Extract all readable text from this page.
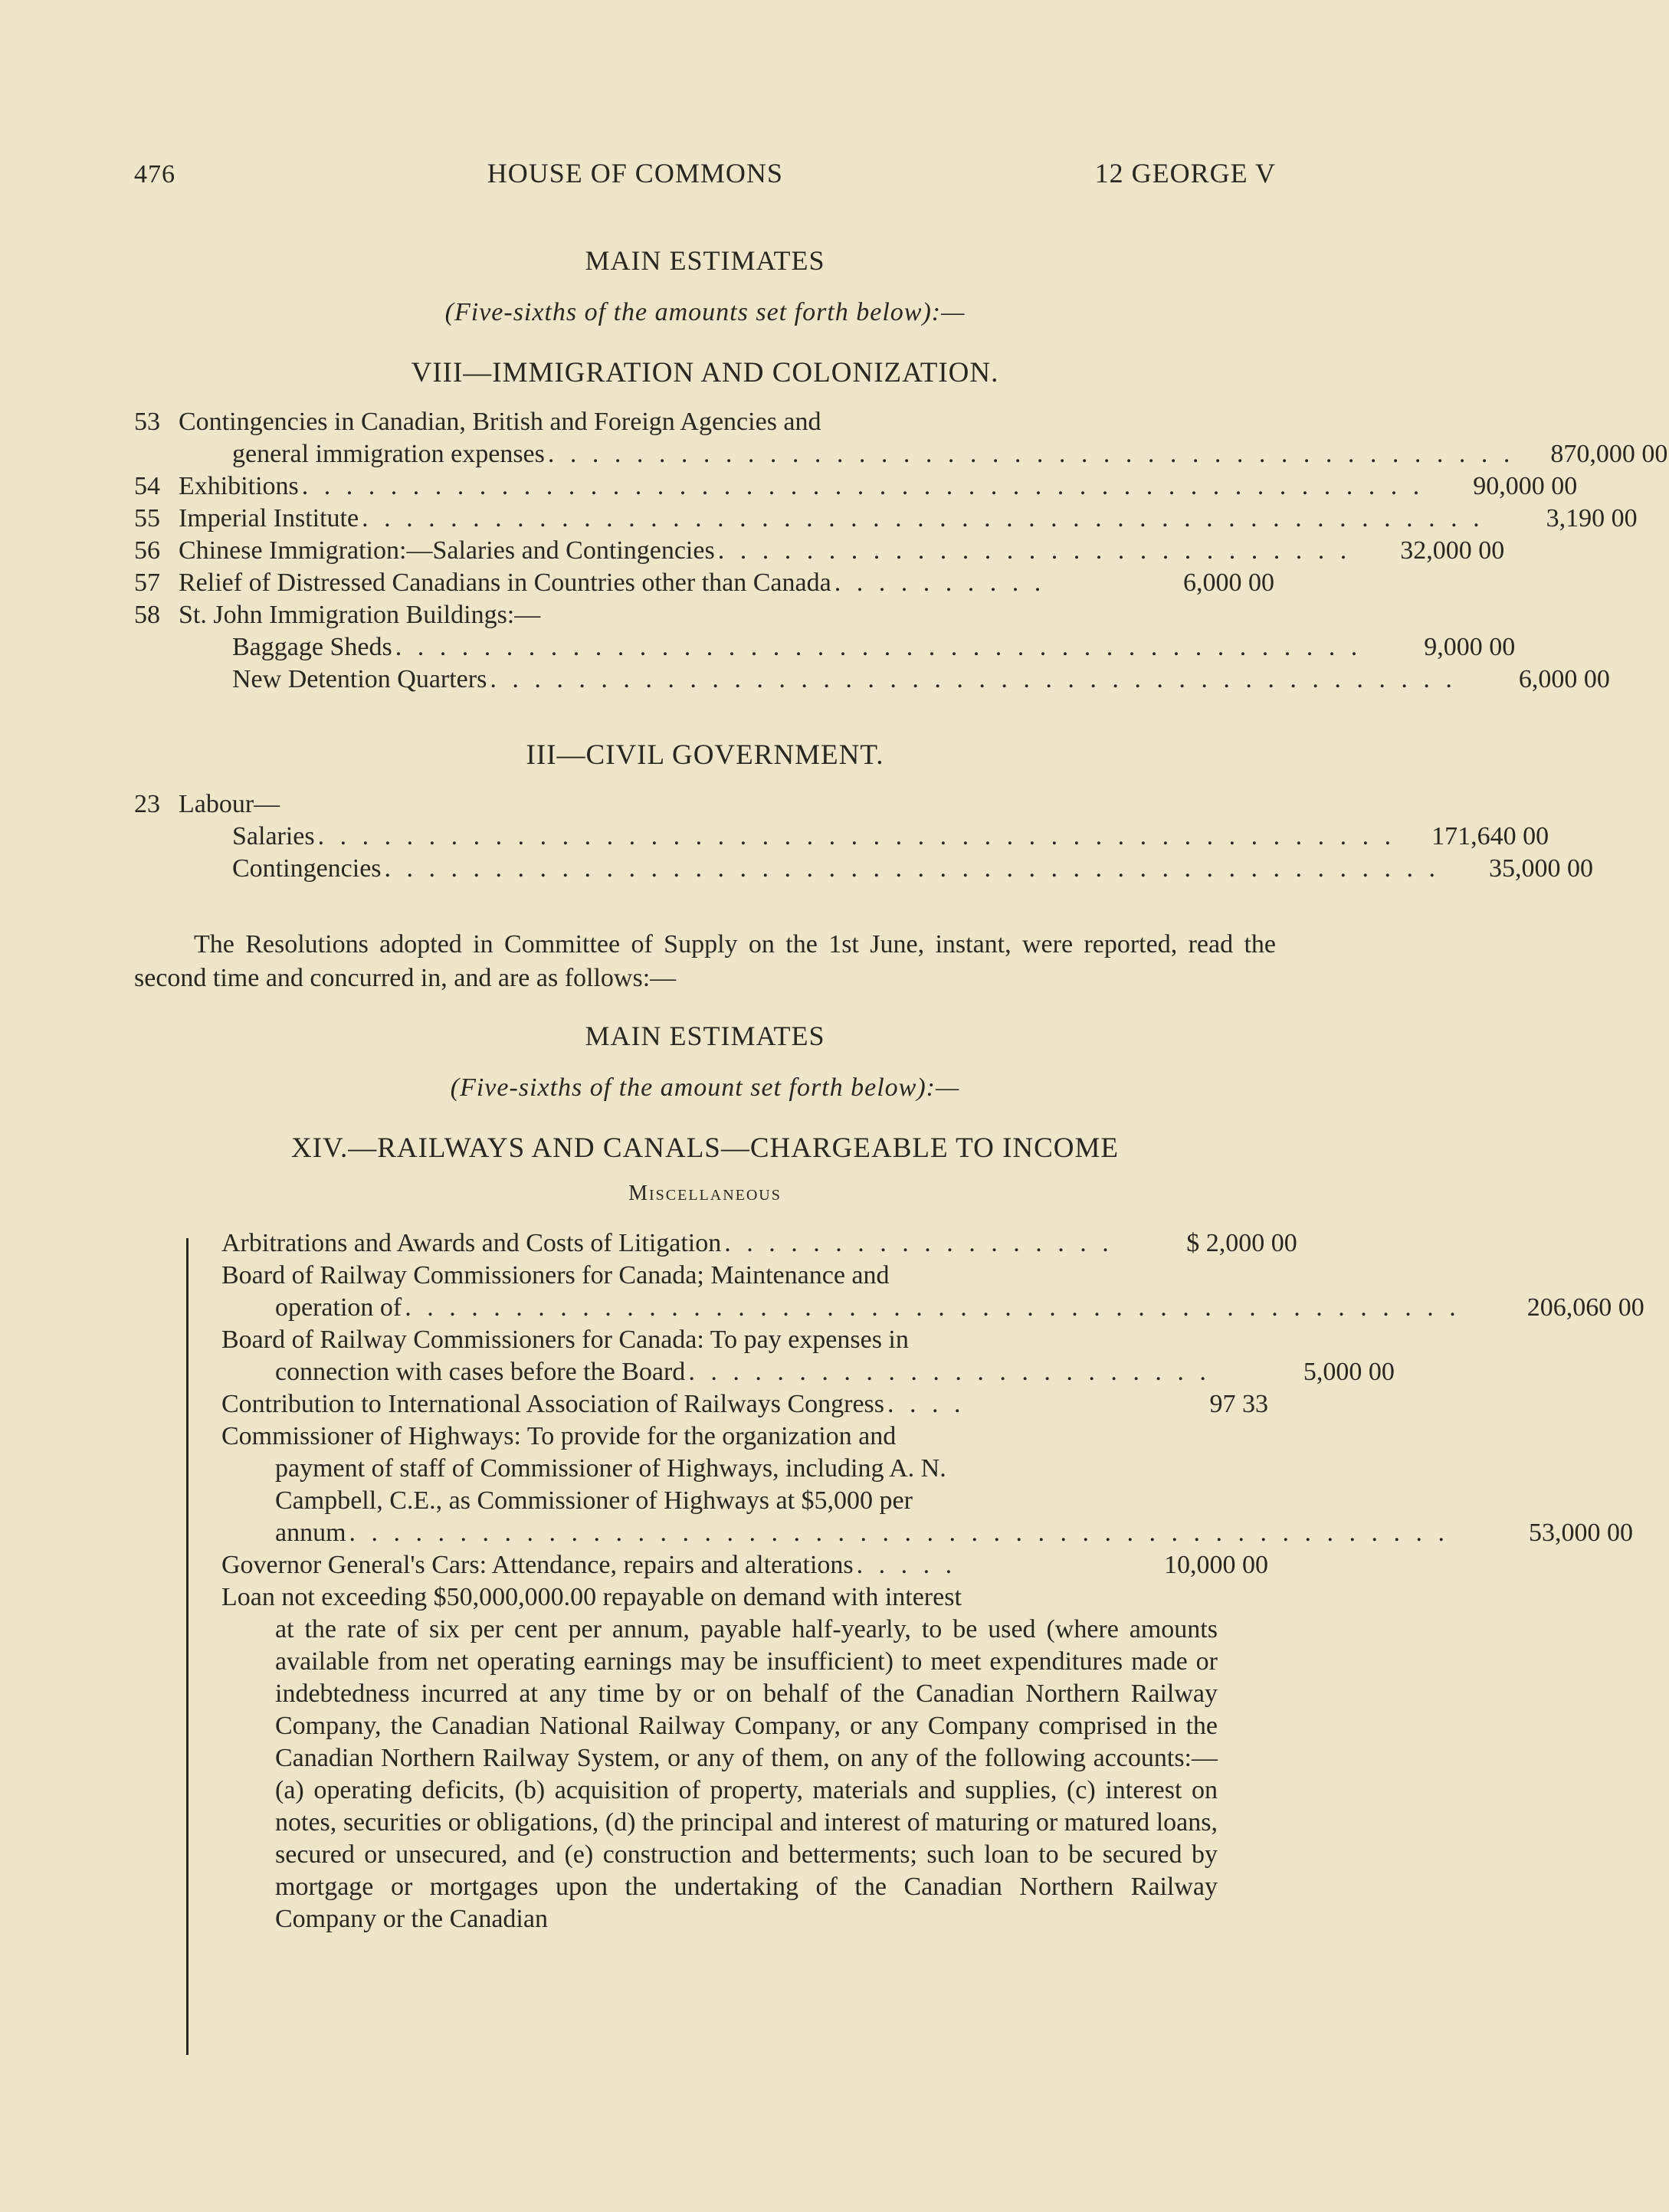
476	HOUSE OF COMMONS	12 GEORGE V
MAIN ESTIMATES
(Five-sixths of the amounts set forth below):—
VIII—IMMIGRATION AND COLONIZATION.
53 Contingencies in Canadian, British and Foreign Agencies and
general immigration expenses . . . . . . . . . . . . . . . . . . . . . . . . . . . . . . . . . . . . . . . . . . . .	870,000 00
54 Exhibitions . . . . . . . . . . . . . . . . . . . . . . . . . . . . . . . . . . . . . . . . . . . . . . . . . . .	90,000 00
55 Imperial Institute . . . . . . . . . . . . . . . . . . . . . . . . . . . . . . . . . . . . . . . . . . . . . . . . . . .	3,190 00
56 Chinese Immigration:—Salaries and Contingencies . . . . . . . . . . . . . . . . . . . . . . . . . . . . .	32,000 00
57 Relief of Distressed Canadians in Countries other than Canada . . . . . . . . . .	6,000 00
58 St. John Immigration Buildings:—
Baggage Sheds . . . . . . . . . . . . . . . . . . . . . . . . . . . . . . . . . . . . . . . . . . . .	9,000 00
New Detention Quarters . . . . . . . . . . . . . . . . . . . . . . . . . . . . . . . . . . . . . . . . . . . .	6,000 00
III—CIVIL GOVERNMENT.
23 Labour—
Salaries . . . . . . . . . . . . . . . . . . . . . . . . . . . . . . . . . . . . . . . . . . . . . . . . .	171,640 00
Contingencies . . . . . . . . . . . . . . . . . . . . . . . . . . . . . . . . . . . . . . . . . . . . . . . .	35,000 00

The Resolutions adopted in Committee of Supply on the 1st June, instant, were reported, read the second time and concurred in, and are as follows:—

MAIN ESTIMATES
(Five-sixths of the amount set forth below):—
XIV.—RAILWAYS AND CANALS—CHARGEABLE TO INCOME
Miscellaneous
Arbitrations and Awards and Costs of Litigation . . . . . . . . . . . . . . . . . .	$ 2,000 00
Board of Railway Commissioners for Canada; Maintenance and
operation of . . . . . . . . . . . . . . . . . . . . . . . . . . . . . . . . . . . . . . . . . . . . . . . .	206,060 00
Board of Railway Commissioners for Canada: To pay expenses in
connection with cases before the Board . . . . . . . . . . . . . . . . . . . . . . . .	5,000 00
Contribution to International Association of Railways Congress . . . .	97 33
Commissioner of Highways: To provide for the organization and
payment of staff of Commissioner of Highways, including A. N.
Campbell, C.E., as Commissioner of Highways at $5,000 per
annum . . . . . . . . . . . . . . . . . . . . . . . . . . . . . . . . . . . . . . . . . . . . . . . . . .	53,000 00
Governor General's Cars: Attendance, repairs and alterations . . . . .	10,000 00
Loan not exceeding $50,000,000.00 repayable on demand with interest
at the rate of six per cent per annum, payable half-yearly, to be used (where amounts available from net operating earnings may be insufficient) to meet expenditures made or indebtedness incurred at any time by or on behalf of the Canadian Northern Railway Company, the Canadian National Railway Company, or any Company comprised in the Canadian Northern Railway System, or any of them, on any of the following accounts:— (a) operating deficits, (b) acquisition of property, materials and supplies, (c) interest on notes, securities or obligations, (d) the principal and interest of maturing or matured loans, secured or unsecured, and (e) construction and betterments; such loan to be secured by mortgage or mortgages upon the undertaking of the Canadian Northern Railway Company or the Canadian
